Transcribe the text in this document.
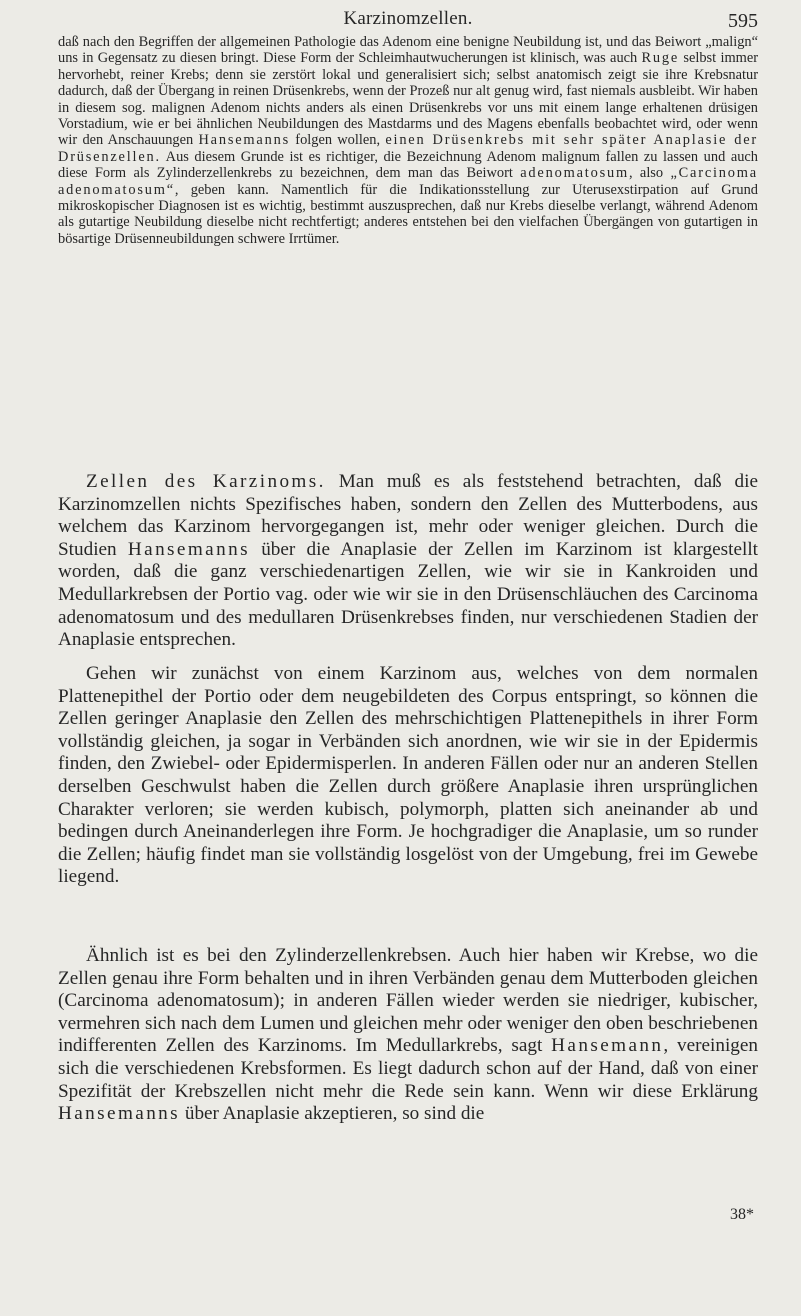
Karzinomzellen.	595

daß nach den Begriffen der allgemeinen Pathologie das Adenom eine benigne Neubildung ist, und das Beiwort „malign“ uns in Gegensatz zu diesen bringt. Diese Form der Schleimhautwucherungen ist klinisch, was auch Ruge selbst immer hervorhebt, reiner Krebs; denn sie zerstört lokal und generalisiert sich; selbst anatomisch zeigt sie ihre Krebsnatur dadurch, daß der Übergang in reinen Drüsenkrebs, wenn der Prozeß nur alt genug wird, fast niemals ausbleibt. Wir haben in diesem sog. malignen Adenom nichts anders als einen Drüsenkrebs vor uns mit einem lange erhaltenen drüsigen Vorstadium, wie er bei ähnlichen Neubildungen des Mastdarms und des Magens ebenfalls beobachtet wird, oder wenn wir den Anschauungen Hansemanns folgen wollen, einen Drüsenkrebs mit sehr später Anaplasie der Drüsenzellen. Aus diesem Grunde ist es richtiger, die Bezeichnung Adenom malignum fallen zu lassen und auch diese Form als Zylinderzellenkrebs zu bezeichnen, dem man das Beiwort adenomatosum, also „Carcinoma adenomatosum“, geben kann. Namentlich für die Indikationsstellung zur Uterusexstirpation auf Grund mikroskopischer Diagnosen ist es wichtig, bestimmt auszusprechen, daß nur Krebs dieselbe verlangt, während Adenom als gutartige Neubildung dieselbe nicht rechtfertigt; anderes entstehen bei den vielfachen Übergängen von gutartigen in bösartige Drüsenneubildungen schwere Irrtümer.

Zellen des Karzinoms. Man muß es als feststehend betrachten, daß die Karzinomzellen nichts Spezifisches haben, sondern den Zellen des Mutterbodens, aus welchem das Karzinom hervorgegangen ist, mehr oder weniger gleichen. Durch die Studien Hansemanns über die Anaplasie der Zellen im Karzinom ist klargestellt worden, daß die ganz verschiedenartigen Zellen, wie wir sie in Kankroiden und Medullarkrebsen der Portio vag. oder wie wir sie in den Drüsenschläuchen des Carcinoma adenomatosum und des medullaren Drüsenkrebses finden, nur verschiedenen Stadien der Anaplasie entsprechen.

Gehen wir zunächst von einem Karzinom aus, welches von dem normalen Plattenepithel der Portio oder dem neugebildeten des Corpus entspringt, so können die Zellen geringer Anaplasie den Zellen des mehrschichtigen Plattenepithels in ihrer Form vollständig gleichen, ja sogar in Verbänden sich anordnen, wie wir sie in der Epidermis finden, den Zwiebel- oder Epidermisperlen. In anderen Fällen oder nur an anderen Stellen derselben Geschwulst haben die Zellen durch größere Anaplasie ihren ursprünglichen Charakter verloren; sie werden kubisch, polymorph, platten sich aneinander ab und bedingen durch Aneinanderlegen ihre Form. Je hochgradiger die Anaplasie, um so runder die Zellen; häufig findet man sie vollständig losgelöst von der Umgebung, frei im Gewebe liegend.

Ähnlich ist es bei den Zylinderzellenkrebsen. Auch hier haben wir Krebse, wo die Zellen genau ihre Form behalten und in ihren Verbänden genau dem Mutterboden gleichen (Carcinoma adenomatosum); in anderen Fällen wieder werden sie niedriger, kubischer, vermehren sich nach dem Lumen und gleichen mehr oder weniger den oben beschriebenen indifferenten Zellen des Karzinoms. Im Medullarkrebs, sagt Hansemann, vereinigen sich die verschiedenen Krebsformen. Es liegt dadurch schon auf der Hand, daß von einer Spezifität der Krebszellen nicht mehr die Rede sein kann. Wenn wir diese Erklärung Hansemanns über Anaplasie akzeptieren, so sind die

38*
